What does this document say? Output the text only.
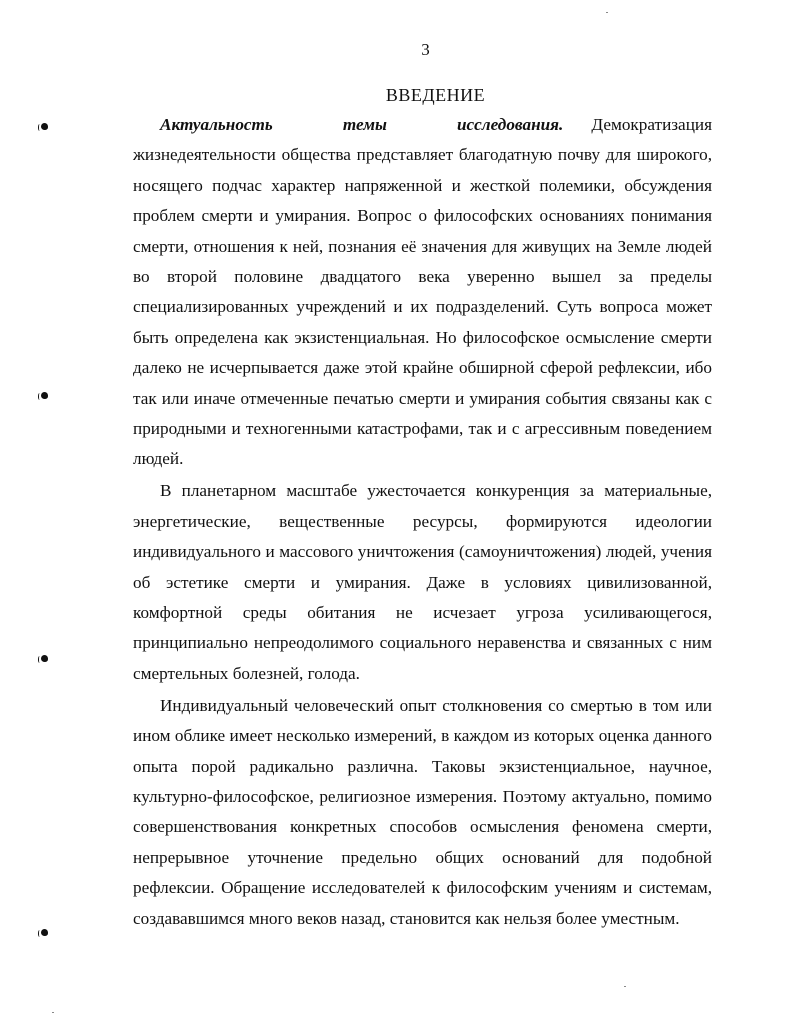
3
ВВЕДЕНИЕ

Актуальность темы исследования. Демократизация жизнедеятельности общества представляет благодатную почву для широкого, носящего подчас характер напряженной и жесткой полемики, обсуждения проблем смерти и умирания. Вопрос о философских основаниях понимания смерти, отношения к ней, познания её значения для живущих на Земле людей во второй половине двадцатого века уверенно вышел за пределы специализированных учреждений и их подразделений. Суть вопроса может быть определена как экзистенциальная. Но философское осмысление смерти далеко не исчерпывается даже этой крайне обширной сферой рефлексии, ибо так или иначе отмеченные печатью смерти и умирания события связаны как с природными и техногенными катастрофами, так и с агрессивным поведением людей.

В планетарном масштабе ужесточается конкуренция за материальные, энергетические, вещественные ресурсы, формируются идеологии индивидуального и массового уничтожения (самоуничтожения) людей, учения об эстетике смерти и умирания. Даже в условиях цивилизованной, комфортной среды обитания не исчезает угроза усиливающегося, принципиально непреодолимого социального неравенства и связанных с ним смертельных болезней, голода.

Индивидуальный человеческий опыт столкновения со смертью в том или ином облике имеет несколько измерений, в каждом из которых оценка данного опыта порой радикально различна. Таковы экзистенциальное, научное, культурно-философское, религиозное измерения. Поэтому актуально, помимо совершенствования конкретных способов осмысления феномена смерти, непрерывное уточнение предельно общих оснований для подобной рефлексии. Обращение исследователей к философским учениям и системам, создававшимся много веков назад, становится как нельзя более уместным.
